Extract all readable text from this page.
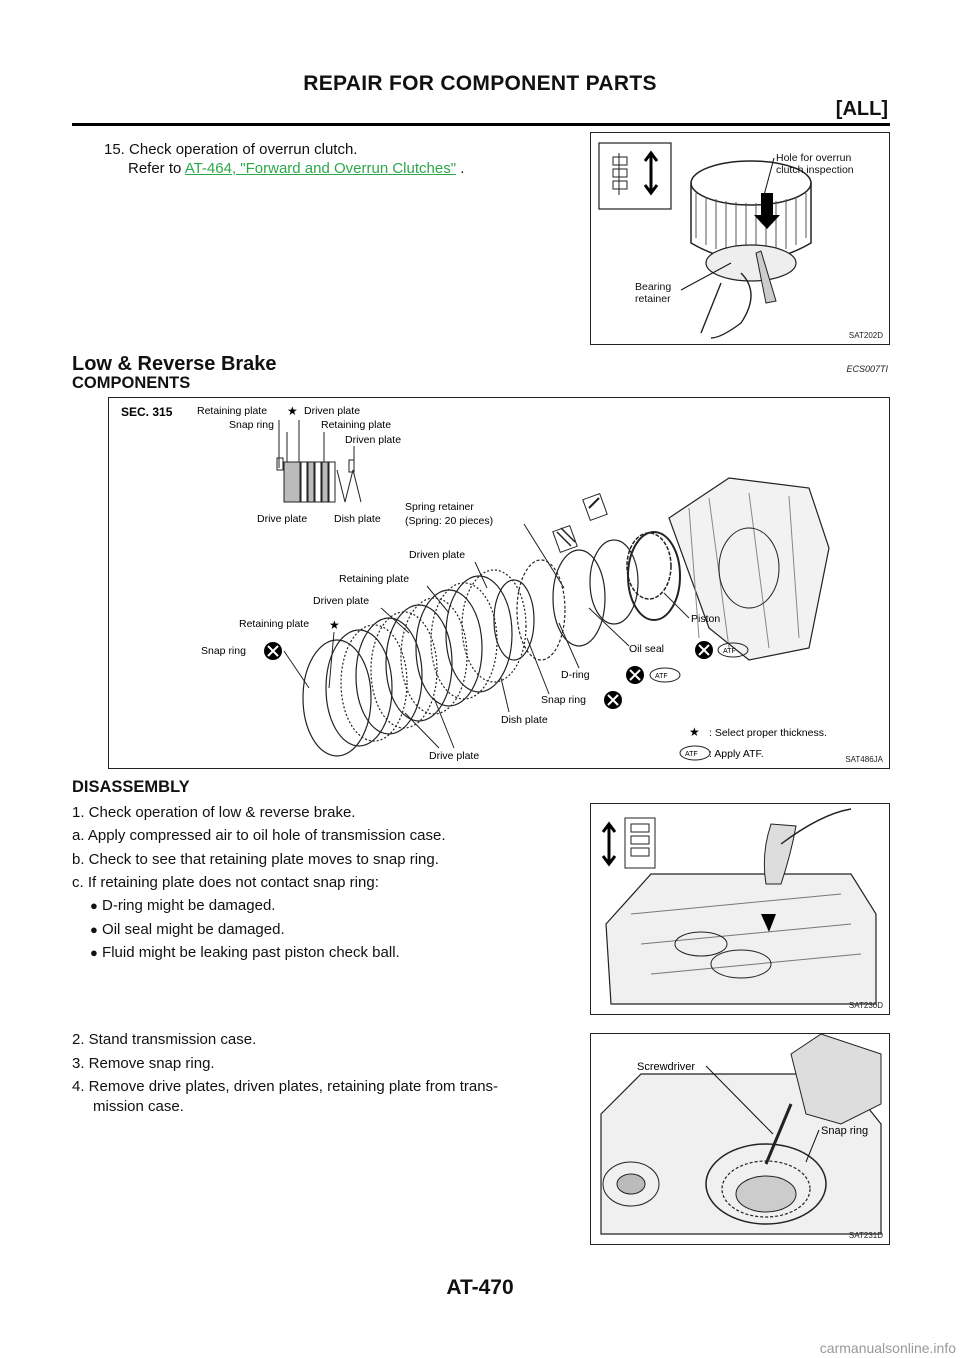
REPAIR FOR COMPONENT PARTS
[ALL]
15. Check operation of overrun clutch.
Refer to AT-464, "Forward and Overrun Clutches" .
Hole for overrun
clutch inspection
Bearing
retainer
SAT202D
Low & Reverse Brake	ECS007TI
COMPONENTS
SEC. 315 Retaining plate ★ Driven plate
Snap ring	Retaining plate
Driven plate
Drive plate	Dish plate
Spring retainer
(Spring: 20 pieces)
Driven plate
Retaining plate
Driven plate
Retaining plate ★
Snap ring
Piston
Oil seal	ATF
D-ring	ATF
Snap ring
Dish plate
Drive plate
★ : Select proper thickness.
ATF : Apply ATF.	SAT486JA
DISASSEMBLY
1. Check operation of low & reverse brake.
a. Apply compressed air to oil hole of transmission case.
b. Check to see that retaining plate moves to snap ring.
c. If retaining plate does not contact snap ring:
● D-ring might be damaged.
● Oil seal might be damaged.
● Fluid might be leaking past piston check ball.
SAT230D
2. Stand transmission case.
3. Remove snap ring.
4. Remove drive plates, driven plates, retaining plate from trans-
mission case.
Screwdriver
Snap ring
SAT231D
AT-470
carmanualsonline.info
